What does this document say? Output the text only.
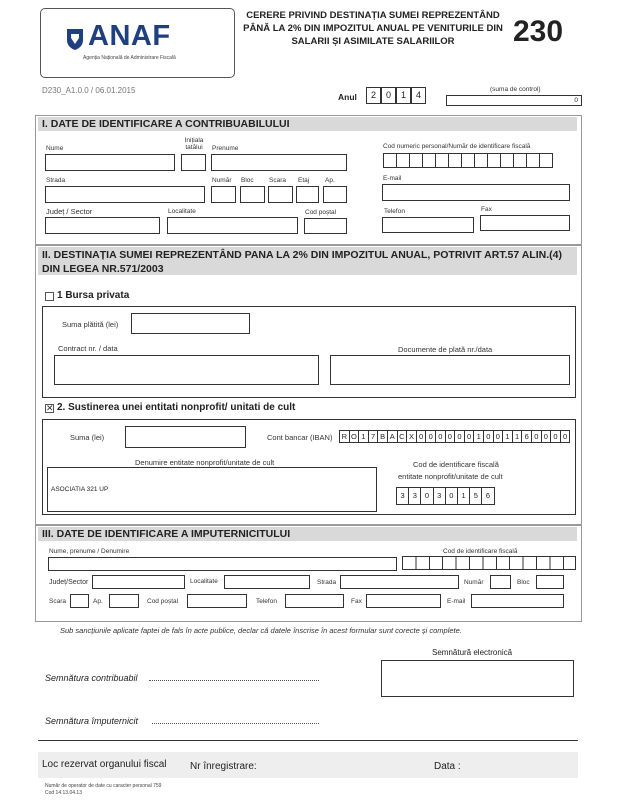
ANAF
Agenția Națională de Administrare Fiscală
CERERE PRIVIND DESTINAȚIA SUMEI REPREZENTÂND PÂNĂ LA 2% DIN IMPOZITUL ANUAL PE VENITURILE DIN SALARII ȘI ASIMILATE SALARIILOR	230
D230_A1.0.0 / 06.01.2015
Anul	2	0	1	4
(suma de control)
0
I. DATE DE IDENTIFICARE A CONTRIBUABILULUI
Nume
Inițiala tatălui	Prenume	Cod numeric personal/Număr de identificare fiscală
Strada	Număr Bloc Scara Etaj Ap.	E-mail
Județ / Sector	Localitate	Cod poștal	Telefon	Fax
II. DESTINAȚIA SUMEI REPREZENTÂND PANA LA 2% DIN IMPOZITUL ANUAL, POTRIVIT ART.57 ALIN.(4) DIN LEGEA NR.571/2003
1 Bursa privata
Suma plătită (lei)
Contract nr. / data	Documente de plată nr./data
✕ 2. Sustinerea unei entitati nonprofit/ unitati de cult
Suma (lei)	Cont bancar (IBAN)	R O 1 7 B A C X 0 0 0 0 0 0 1 0 0 1 1 6 0 0 0 0
Denumire entitate nonprofit/unitate de cult
ASOCIATIA 321 UP
Cod de identificare fiscală
entitate nonprofit/unitate de cult
3	3	0	3	0	1	5	6
III. DATE DE IDENTIFICARE A IMPUTERNICITULUI
Nume, prenume / Denumire	Cod de identificare fiscală
Județ/Sector	Localitate	Strada	Număr	Bloc
Scara	Ap.	Cod poștal	Telefon	Fax	E-mail
Sub sancțiunile aplicate faptei de fals în acte publice, declar că datele înscrise în acest formular sunt corecte și complete.
Semnătură electronică
Semnătura contribuabil
Semnătura împuternicit
Loc rezervat organului fiscal Nr înregistrare:	Data :
Număr de operator de date cu caracter personal 759
Cod 14.13.04.13
